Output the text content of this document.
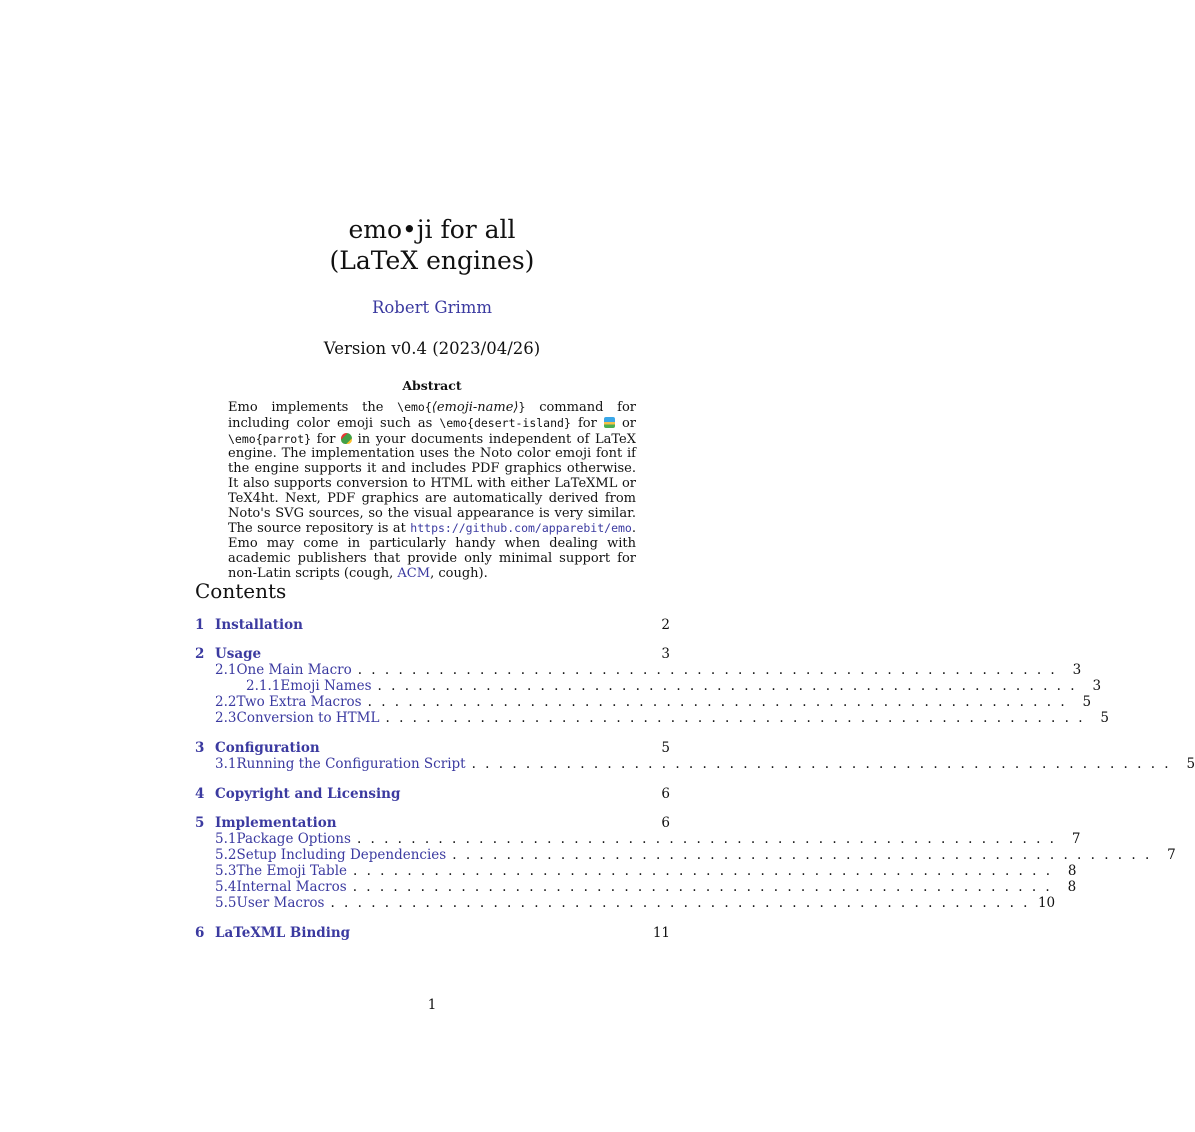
emo•ji for all
(LaTeX engines)
Robert Grimm
Version v0.4 (2023/04/26)
Abstract
Emo implements the \emo{⟨emoji-name⟩} command for including color emoji such as \emo{desert-island} for  or \emo{parrot} for  in your documents independent of LaTeX engine. The implementation uses the Noto color emoji font if the engine supports it and includes PDF graphics otherwise. It also supports conversion to HTML with either LaTeXML or TeX4ht. Next, PDF graphics are automatically derived from Noto's SVG sources, so the visual appearance is very similar. The source repository is at https://github.com/apparebit/emo. Emo may come in particularly handy when dealing with academic publishers that provide only minimal support for non-Latin scripts (cough, ACM, cough).
Contents
1 Installation	2
2 Usage	3
2.1 One Main Macro . . . . . . . . . . . . . . . . . . . . . . . . . . . . . . . . . . . . . . . . . . . . . . . . . . . .	3
2.1.1 Emoji Names . . . . . . . . . . . . . . . . . . . . . . . . . . . . . . . . . . . . . . . . . . . . . . . . . . . .	3
2.2 Two Extra Macros . . . . . . . . . . . . . . . . . . . . . . . . . . . . . . . . . . . . . . . . . . . . . . . . . . . .	5
2.3 Conversion to HTML . . . . . . . . . . . . . . . . . . . . . . . . . . . . . . . . . . . . . . . . . . . . . . . . . . . .	5
3 Configuration	5
3.1 Running the Configuration Script . . . . . . . . . . . . . . . . . . . . . . . . . . . . . . . . . . . . . . . . . . . . . . . . . . . .	5
4 Copyright and Licensing	6
5 Implementation	6
5.1 Package Options . . . . . . . . . . . . . . . . . . . . . . . . . . . . . . . . . . . . . . . . . . . . . . . . . . . .	7
5.2 Setup Including Dependencies . . . . . . . . . . . . . . . . . . . . . . . . . . . . . . . . . . . . . . . . . . . . . . . . . . . .	7
5.3 The Emoji Table . . . . . . . . . . . . . . . . . . . . . . . . . . . . . . . . . . . . . . . . . . . . . . . . . . . .	8
5.4 Internal Macros . . . . . . . . . . . . . . . . . . . . . . . . . . . . . . . . . . . . . . . . . . . . . . . . . . . .	8
5.5 User Macros . . . . . . . . . . . . . . . . . . . . . . . . . . . . . . . . . . . . . . . . . . . . . . . . . . . . 10
6 LaTeXML Binding	11
1
